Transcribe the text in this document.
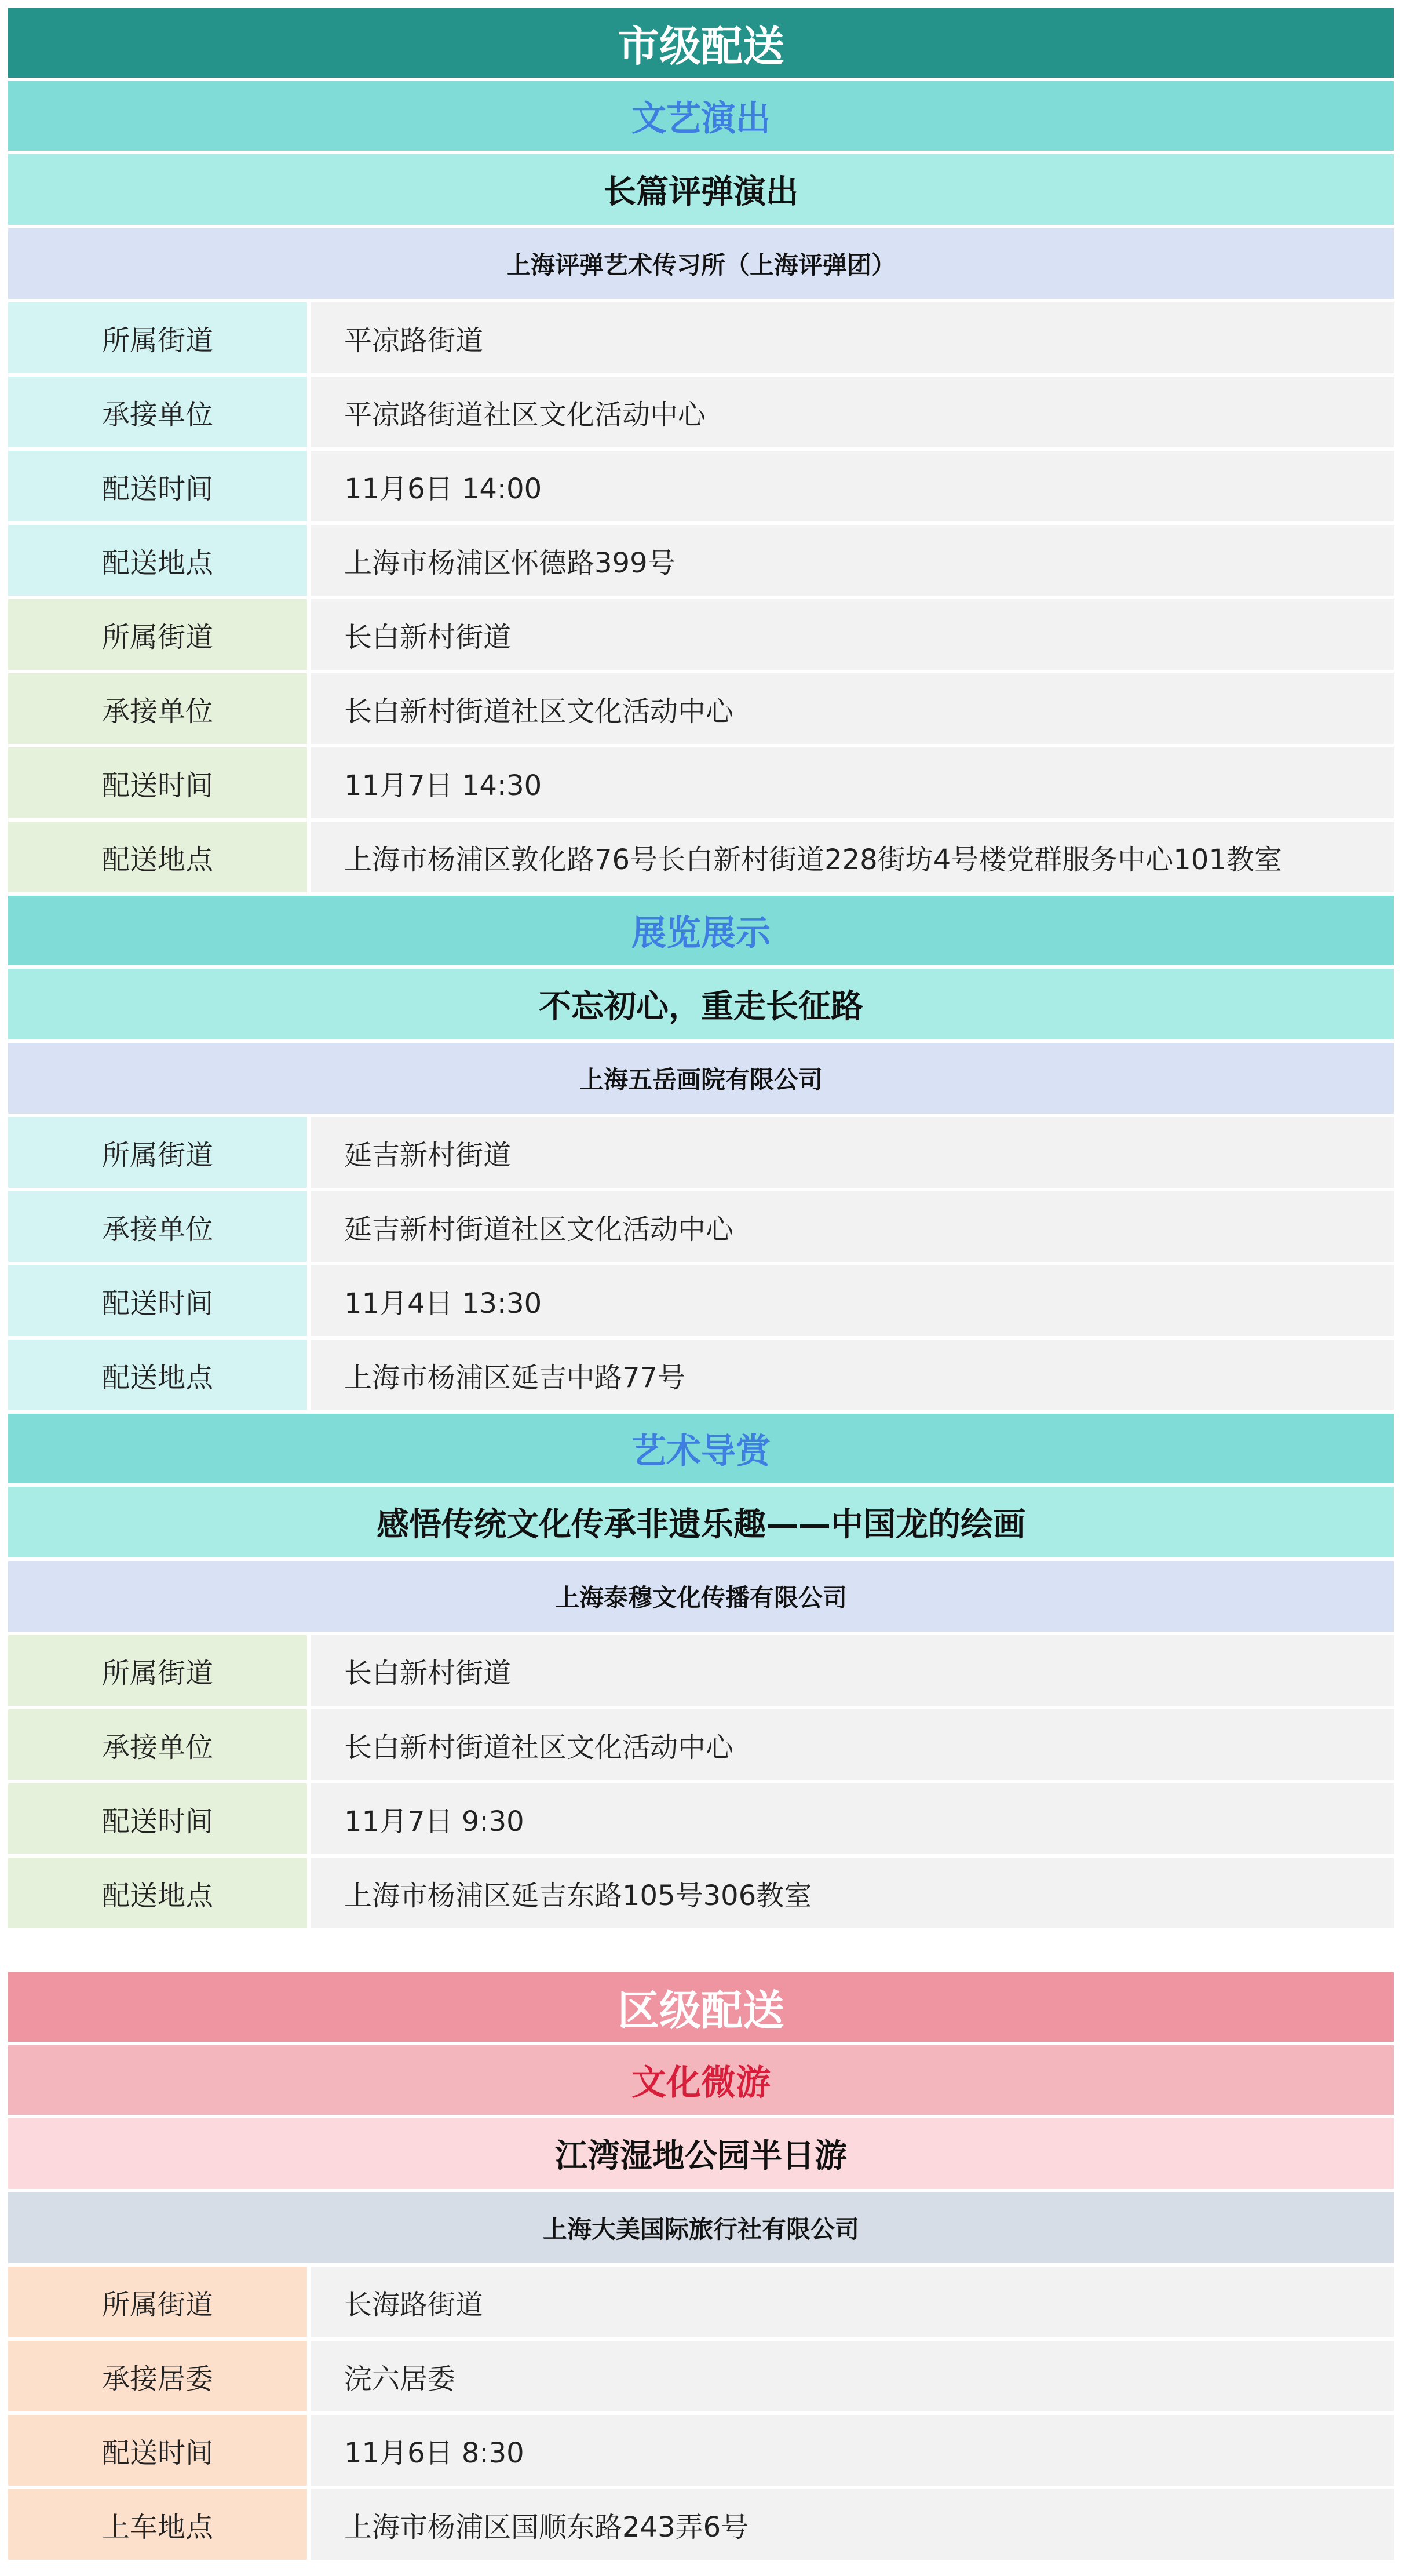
市级配送
文艺演出
长篇评弹演出
上海评弹艺术传习所（上海评弹团）
所属街道	平凉路街道
承接单位	平凉路街道社区文化活动中心
配送时间	11月6日 14:00
配送地点	上海市杨浦区怀德路399号
所属街道	长白新村街道
承接单位	长白新村街道社区文化活动中心
配送时间	11月7日 14:30
配送地点	上海市杨浦区敦化路76号长白新村街道228街坊4号楼党群服务中心101教室
展览展示
不忘初心，重走长征路
上海五岳画院有限公司
所属街道	延吉新村街道
承接单位	延吉新村街道社区文化活动中心
配送时间	11月4日 13:30
配送地点	上海市杨浦区延吉中路77号
艺术导赏
感悟传统文化传承非遗乐趣——中国龙的绘画
上海泰穆文化传播有限公司
所属街道	长白新村街道
承接单位	长白新村街道社区文化活动中心
配送时间	11月7日 9:30
配送地点	上海市杨浦区延吉东路105号306教室
区级配送
文化微游
江湾湿地公园半日游
上海大美国际旅行社有限公司
所属街道	长海路街道
承接居委	浣六居委
配送时间	11月6日 8:30
上车地点	上海市杨浦区国顺东路243弄6号
